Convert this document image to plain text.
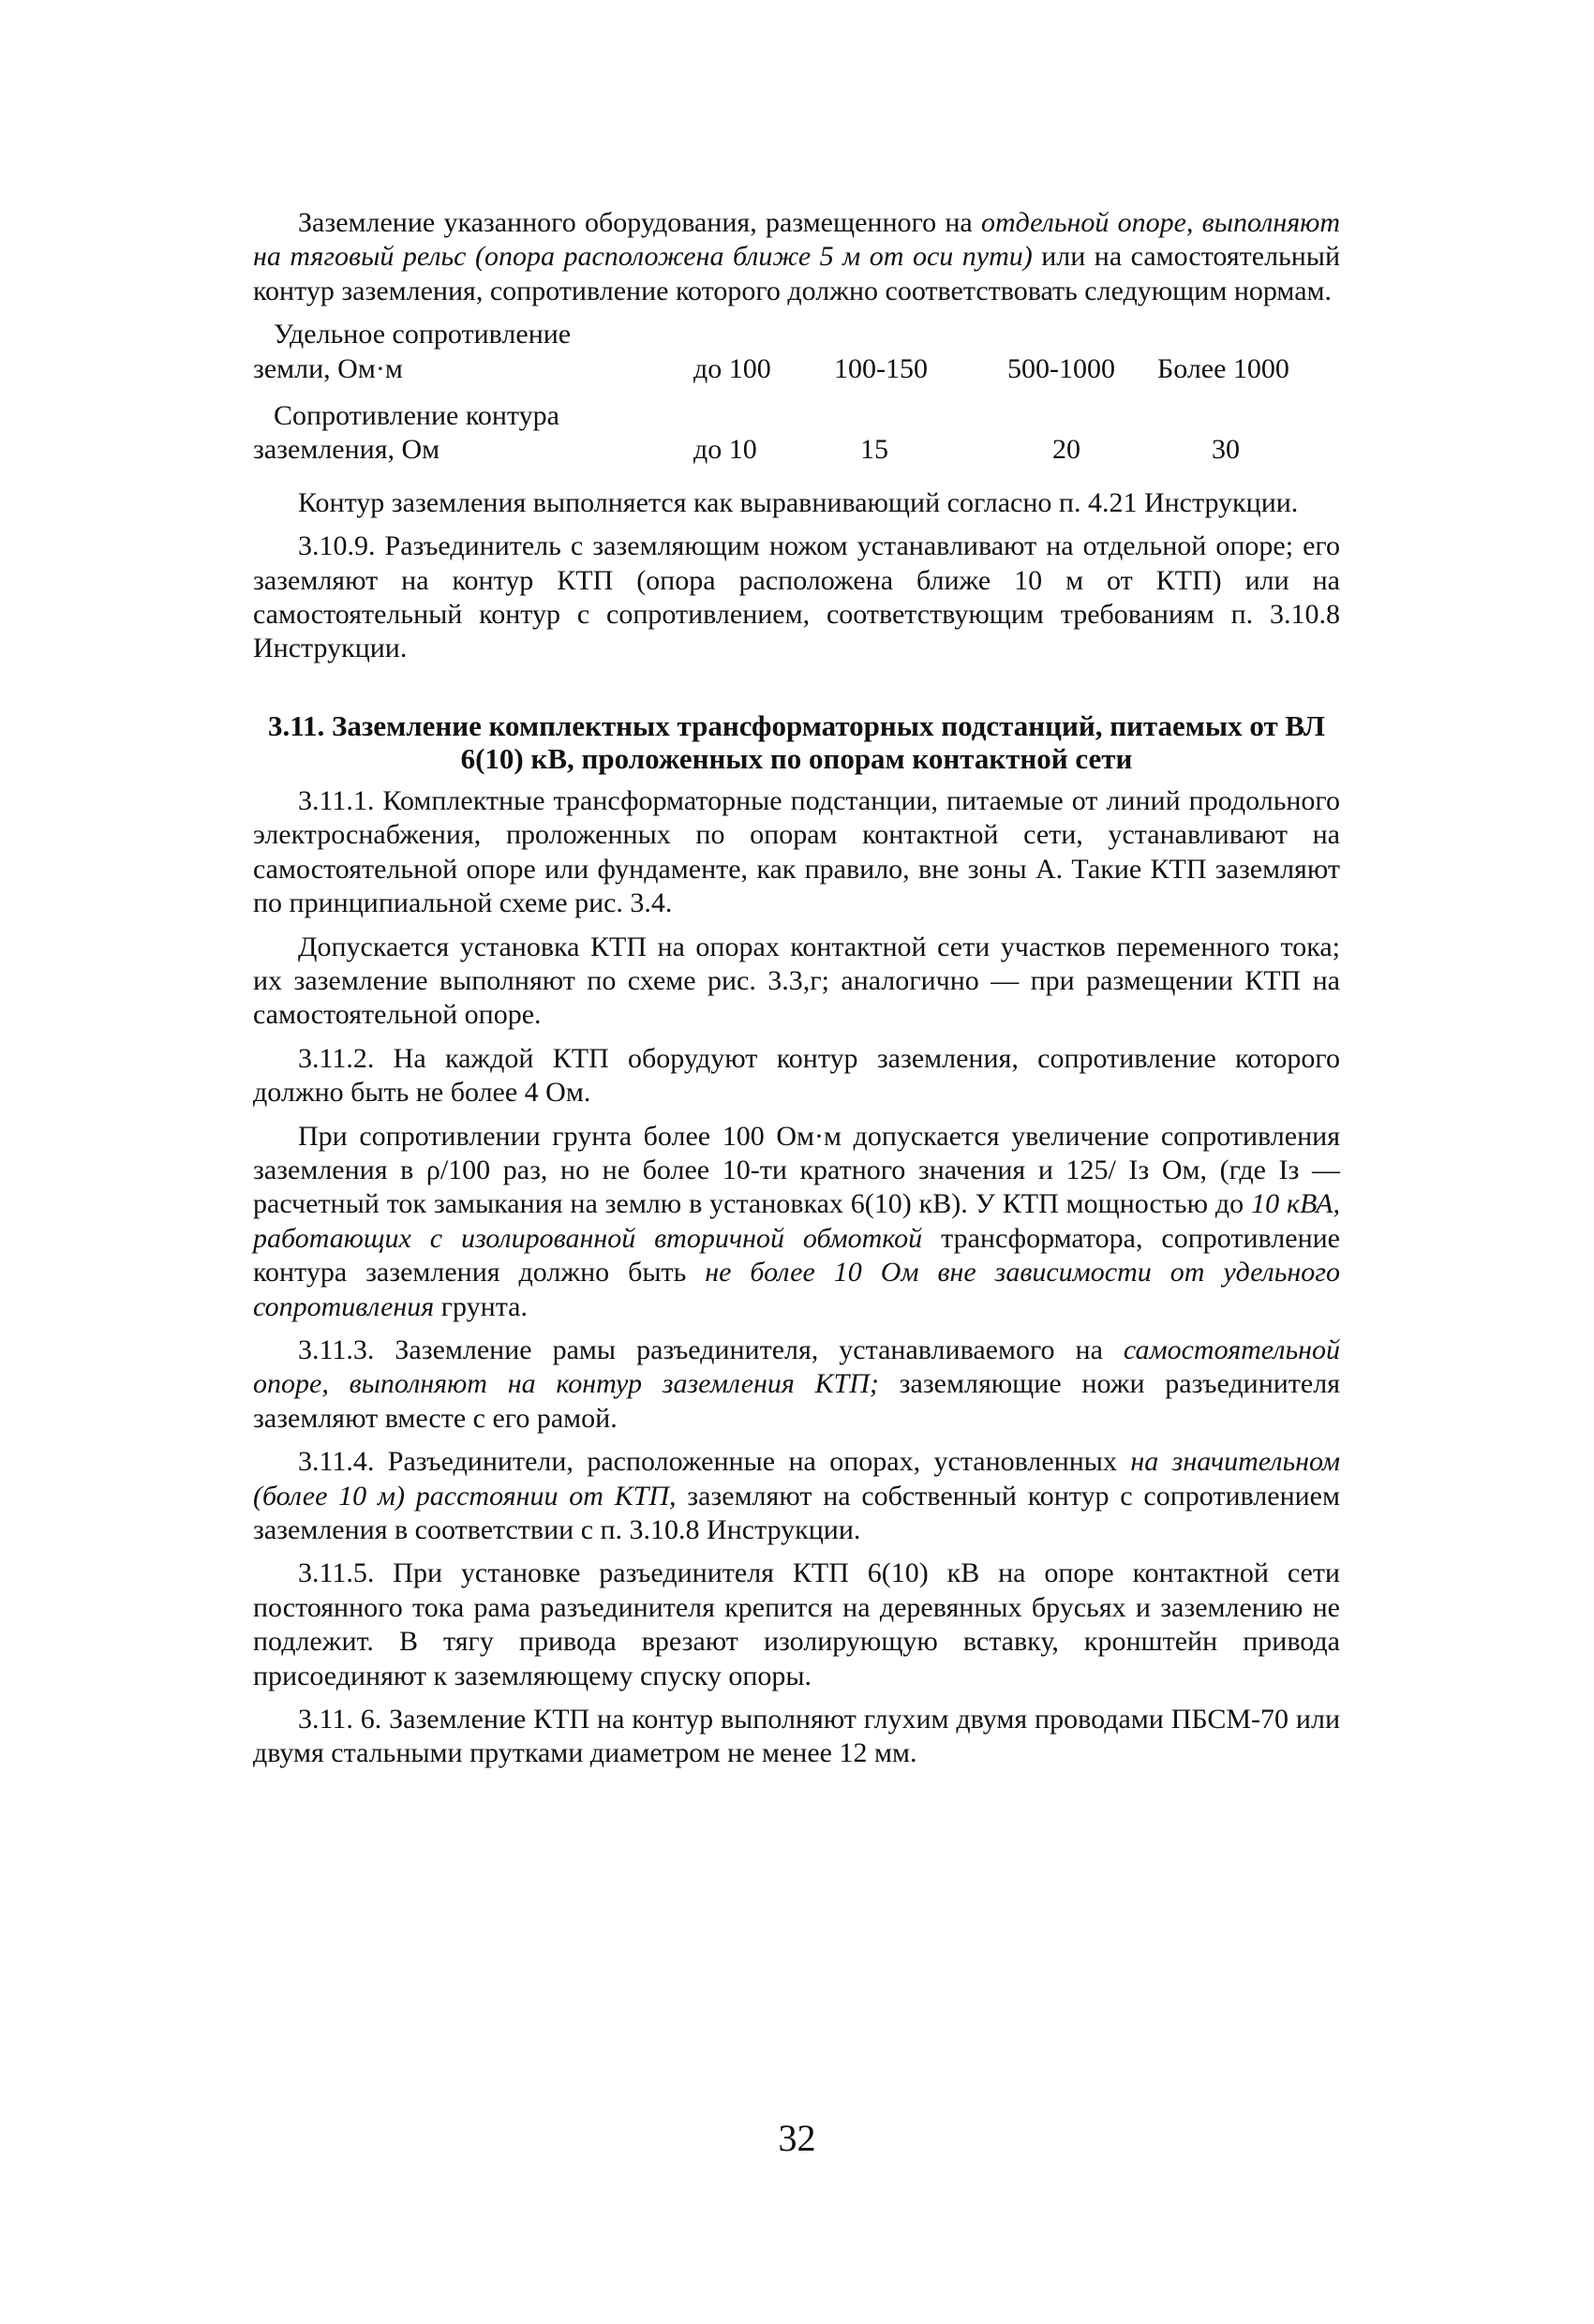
Заземление указанного оборудования, размещенного на отдельной опоре, выполняют на тяговый рельс (опора расположена ближе 5 м от оси пути) или на самостоятельный контур заземления, сопротивление которого должно соответствовать следующим нормам.

Удельное сопротивление
земли, Ом·м	до 100	100-150	500-1000	Более 1000

Сопротивление контура
заземления, Ом	до 10	15	20	30

Контур заземления выполняется как выравнивающий согласно п. 4.21 Инструкции.

3.10.9. Разъединитель с заземляющим ножом устанавливают на отдельной опоре; его заземляют на контур КТП (опора расположена ближе 10 м от КТП) или на самостоятельный контур с сопротивлением, соответствующим требованиям п. 3.10.8 Инструкции.

3.11. Заземление комплектных трансформаторных подстанций, питаемых от ВЛ 6(10) кВ, проложенных по опорам контактной сети

3.11.1. Комплектные трансформаторные подстанции, питаемые от линий продольного электроснабжения, проложенных по опорам контактной сети, устанавливают на самостоятельной опоре или фундаменте, как правило, вне зоны А. Такие КТП заземляют по принципиальной схеме рис. 3.4.

Допускается установка КТП на опорах контактной сети участков переменного тока; их заземление выполняют по схеме рис. 3.3,г; аналогично — при размещении КТП на самостоятельной опоре.

3.11.2. На каждой КТП оборудуют контур заземления, сопротивление которого должно быть не более 4 Ом.

При сопротивлении грунта более 100 Ом·м допускается увеличение сопротивления заземления в ρ/100 раз, но не более 10-ти кратного значения и 125/ Iз Ом, (где Iз — расчетный ток замыкания на землю в установках 6(10) кВ). У КТП мощностью до 10 кВА, работающих с изолированной вторичной обмоткой трансформатора, сопротивление контура заземления должно быть не более 10 Ом вне зависимости от удельного сопротивления грунта.

3.11.3. Заземление рамы разъединителя, устанавливаемого на самостоятельной опоре, выполняют на контур заземления КТП; заземляющие ножи разъединителя заземляют вместе с его рамой.

3.11.4. Разъединители, расположенные на опорах, установленных на значительном (более 10 м) расстоянии от КТП, заземляют на собственный контур с сопротивлением заземления в соответствии с п. 3.10.8 Инструкции.

3.11.5. При установке разъединителя КТП 6(10) кВ на опоре контактной сети постоянного тока рама разъединителя крепится на деревянных брусьях и заземлению не подлежит. В тягу привода врезают изолирующую вставку, кронштейн привода присоединяют к заземляющему спуску опоры.

3.11. 6. Заземление КТП на контур выполняют глухим двумя проводами ПБСМ-70 или двумя стальными прутками диаметром не менее 12 мм.

32
